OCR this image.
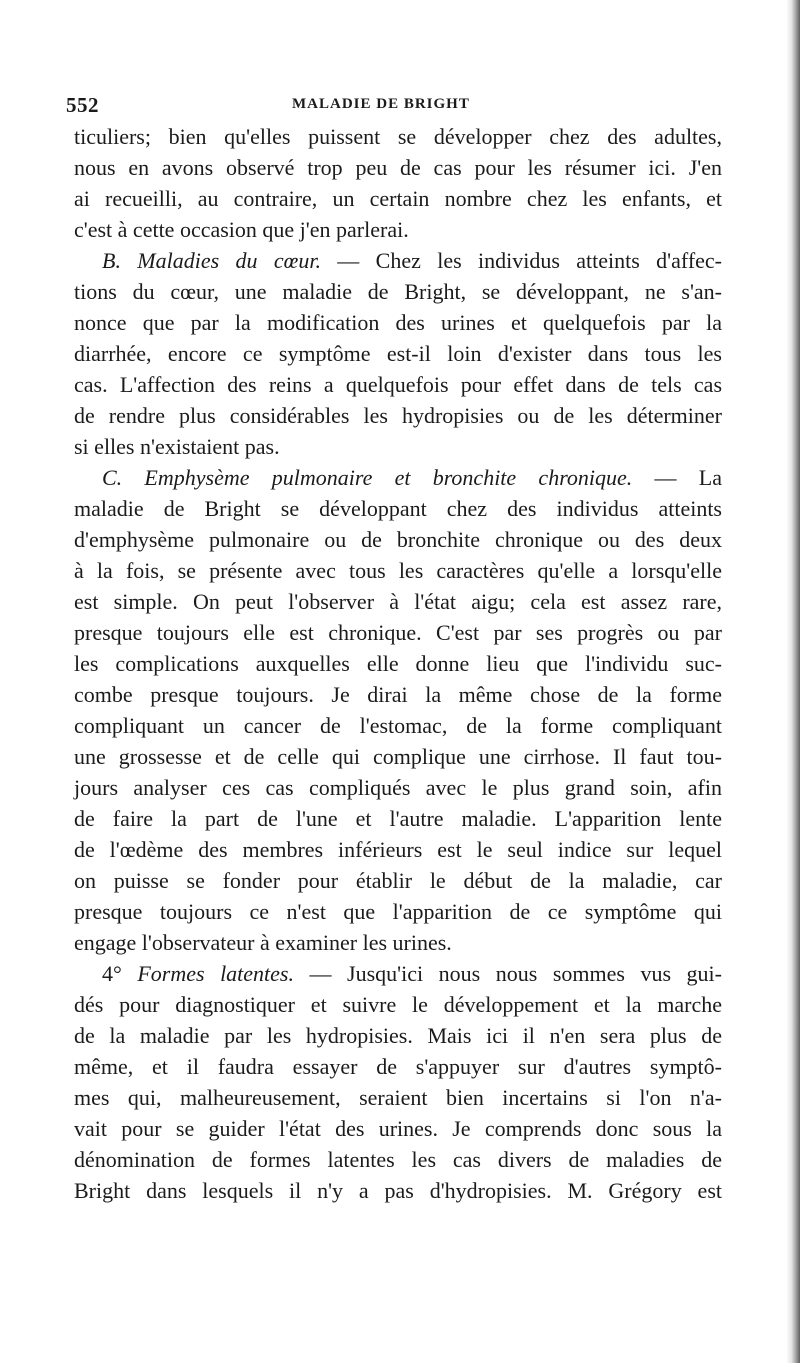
552	MALADIE DE BRIGHT
ticuliers; bien qu'elles puissent se développer chez des adultes,
nous en avons observé trop peu de cas pour les résumer ici. J'en
ai recueilli, au contraire, un certain nombre chez les enfants, et
c'est à cette occasion que j'en parlerai.
B. Maladies du cœur. — Chez les individus atteints d'affec-
tions du cœur, une maladie de Bright, se développant, ne s'an-
nonce que par la modification des urines et quelquefois par la
diarrhée, encore ce symptôme est-il loin d'exister dans tous les
cas. L'affection des reins a quelquefois pour effet dans de tels cas
de rendre plus considérables les hydropisies ou de les déterminer
si elles n'existaient pas.
C. Emphysème pulmonaire et bronchite chronique. — La
maladie de Bright se développant chez des individus atteints
d'emphysème pulmonaire ou de bronchite chronique ou des deux
à la fois, se présente avec tous les caractères qu'elle a lorsqu'elle
est simple. On peut l'observer à l'état aigu; cela est assez rare,
presque toujours elle est chronique. C'est par ses progrès ou par
les complications auxquelles elle donne lieu que l'individu suc-
combe presque toujours. Je dirai la même chose de la forme
compliquant un cancer de l'estomac, de la forme compliquant
une grossesse et de celle qui complique une cirrhose. Il faut tou-
jours analyser ces cas compliqués avec le plus grand soin, afin
de faire la part de l'une et l'autre maladie. L'apparition lente
de l'œdème des membres inférieurs est le seul indice sur lequel
on puisse se fonder pour établir le début de la maladie, car
presque toujours ce n'est que l'apparition de ce symptôme qui
engage l'observateur à examiner les urines.
4° Formes latentes. — Jusqu'ici nous nous sommes vus gui-
dés pour diagnostiquer et suivre le développement et la marche
de la maladie par les hydropisies. Mais ici il n'en sera plus de
même, et il faudra essayer de s'appuyer sur d'autres symptô-
mes qui, malheureusement, seraient bien incertains si l'on n'a-
vait pour se guider l'état des urines. Je comprends donc sous la
dénomination de formes latentes les cas divers de maladies de
Bright dans lesquels il n'y a pas d'hydropisies. M. Grégory est
